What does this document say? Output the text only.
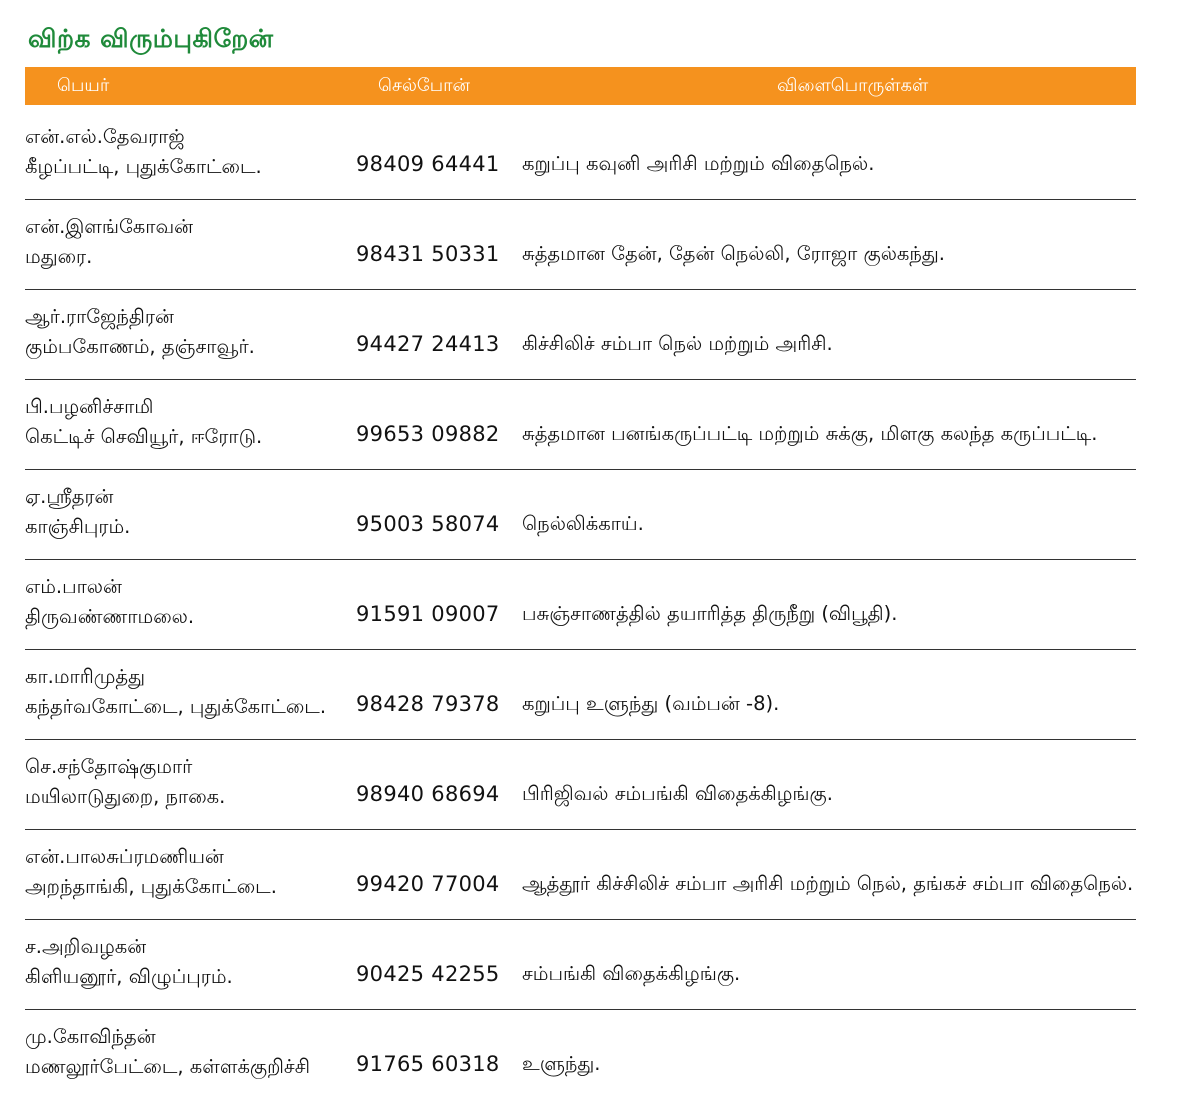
விற்க விரும்புகிறேன்
பெயர்	செல்போன்	விளைபொருள்கள்
என்.எல்.தேவராஜ்
கீழப்பட்டி, புதுக்கோட்டை.	98409 64441 கறுப்பு கவுனி அரிசி மற்றும் விதைநெல்.
என்.இளங்கோவன்
மதுரை.	98431 50331 சுத்தமான தேன், தேன் நெல்லி, ரோஜா குல்கந்து.
ஆர்.ராஜேந்திரன்
கும்பகோணம், தஞ்சாவூர்.	94427 24413 கிச்சிலிச் சம்பா நெல் மற்றும் அரிசி.
பி.பழனிச்சாமி
கெட்டிச் செவியூர், ஈரோடு.	99653 09882 சுத்தமான பனங்கருப்பட்டி மற்றும் சுக்கு, மிளகு கலந்த கருப்பட்டி.
ஏ.ஸ்ரீதரன்
காஞ்சிபுரம்.	95003 58074 நெல்லிக்காய்.
எம்.பாலன்
திருவண்ணாமலை.	91591 09007 பசுஞ்சாணத்தில் தயாரித்த திருநீறு (விபூதி).
கா.மாரிமுத்து
கந்தர்வகோட்டை, புதுக்கோட்டை. 98428 79378 கறுப்பு உளுந்து (வம்பன் -8).
செ.சந்தோஷ்குமார்
மயிலாடுதுறை, நாகை.	98940 68694 பிரிஜிவல் சம்பங்கி விதைக்கிழங்கு.
என்.பாலசுப்ரமணியன்
அறந்தாங்கி, புதுக்கோட்டை.	99420 77004 ஆத்தூர் கிச்சிலிச் சம்பா அரிசி மற்றும் நெல், தங்கச் சம்பா விதைநெல்.
ச.அறிவழகன்
கிளியனூர், விழுப்புரம்.	90425 42255 சம்பங்கி விதைக்கிழங்கு.
மு.கோவிந்தன்
மணலூர்பேட்டை, கள்ளக்குறிச்சி 91765 60318 உளுந்து.
